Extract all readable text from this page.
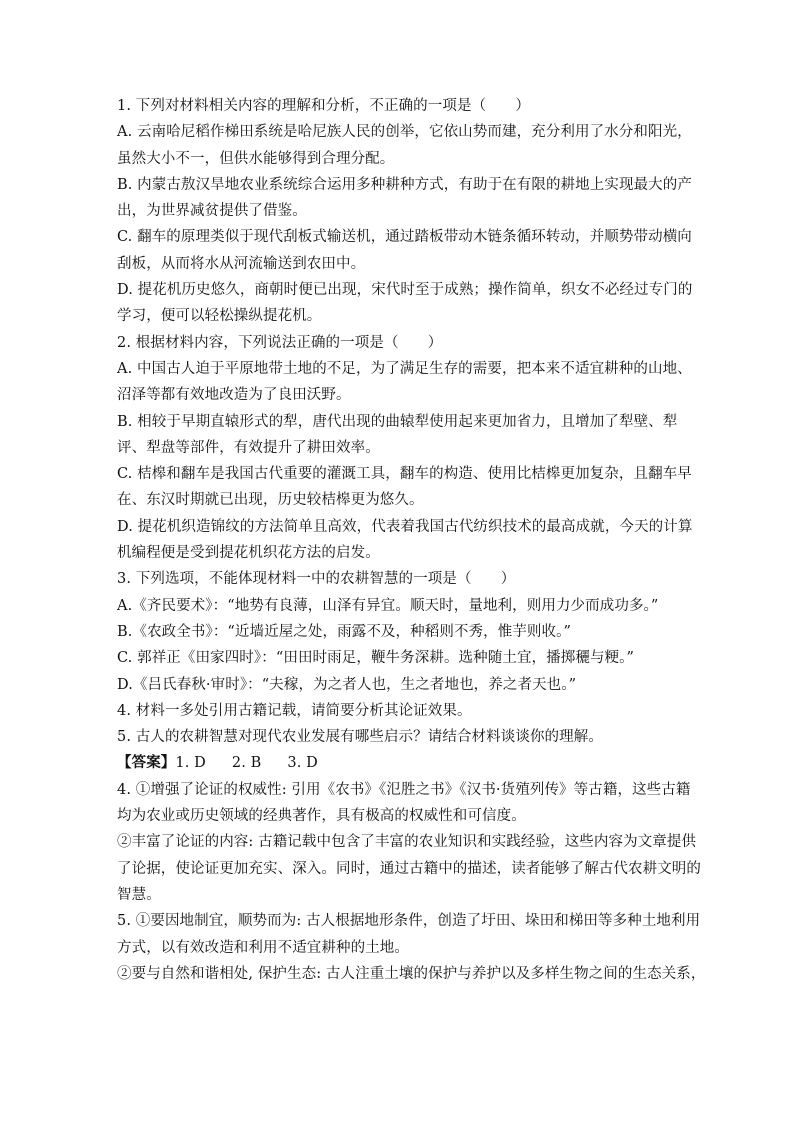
1. 下列对材料相关内容的理解和分析，不正确的一项是（　　）
A. 云南哈尼稻作梯田系统是哈尼族人民的创举，它依山势而建，充分利用了水分和阳光，
虽然大小不一，但供水能够得到合理分配。
B. 内蒙古敖汉旱地农业系统综合运用多种耕种方式，有助于在有限的耕地上实现最大的产
出，为世界减贫提供了借鉴。
C. 翻车的原理类似于现代刮板式输送机，通过踏板带动木链条循环转动，并顺势带动横向
刮板，从而将水从河流输送到农田中。
D. 提花机历史悠久，商朝时便已出现，宋代时至于成熟；操作简单，织女不必经过专门的
学习，便可以轻松操纵提花机。
2. 根据材料内容，下列说法正确的一项是（　　）
A. 中国古人迫于平原地带土地的不足，为了满足生存的需要，把本来不适宜耕种的山地、
沼泽等都有效地改造为了良田沃野。
B. 相较于早期直辕形式的犁，唐代出现的曲辕犁使用起来更加省力，且增加了犁壁、犁
评、犁盘等部件，有效提升了耕田效率。
C. 桔槔和翻车是我国古代重要的灌溉工具，翻车的构造、使用比桔槔更加复杂，且翻车早
在、东汉时期就已出现，历史较桔槔更为悠久。
D. 提花机织造锦纹的方法简单且高效，代表着我国古代纺织技术的最高成就，今天的计算
机编程便是受到提花机织花方法的启发。
3. 下列选项，不能体现材料一中的农耕智慧的一项是（　　）
A.《齐民要术》：“地势有良薄，山泽有异宜。顺天时，量地利，则用力少而成功多。”
B.《农政全书》：“近墙近屋之处，雨露不及，种稻则不秀，惟芋则收。”
C. 郭祥正《田家四时》：“田田时雨足，鞭牛务深耕。选种随土宜，播掷穲与粳。”
D.《吕氏春秋·审时》：“夫稼，为之者人也，生之者地也，养之者天也。”
4. 材料一多处引用古籍记载，请简要分析其论证效果。
5. 古人的农耕智慧对现代农业发展有哪些启示？请结合材料谈谈你的理解。
【答案】1. D 2. B 3. D
4. ①增强了论证的权威性: 引用《农书》《氾胜之书》《汉书·货殖列传》等古籍，这些古籍
均为农业或历史领域的经典著作，具有极高的权威性和可信度。
②丰富了论证的内容: 古籍记载中包含了丰富的农业知识和实践经验，这些内容为文章提供
了论据，使论证更加充实、深入。同时，通过古籍中的描述，读者能够了解古代农耕文明的
智慧。
5. ①要因地制宜，顺势而为: 古人根据地形条件，创造了圩田、垛田和梯田等多种土地利用
方式，以有效改造和利用不适宜耕种的土地。
②要与自然和谐相处, 保护生态: 古人注重土壤的保护与养护以及多样生物之间的生态关系，
